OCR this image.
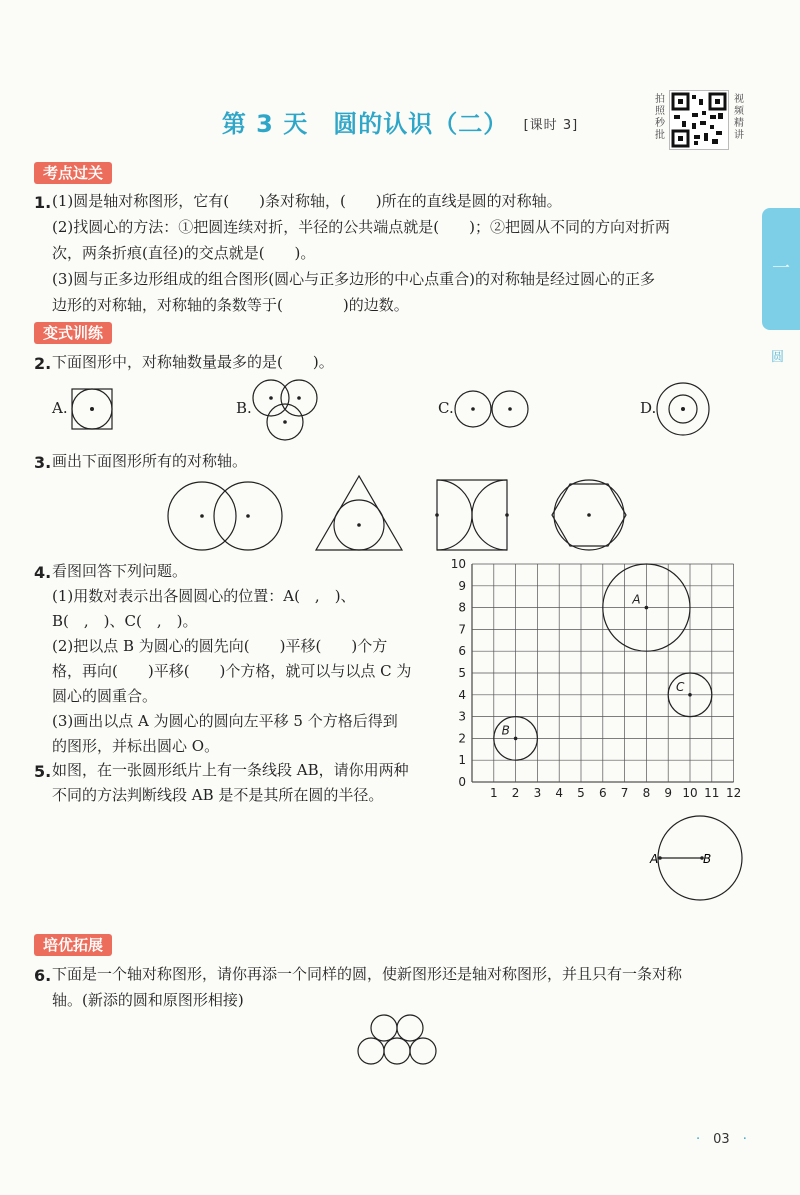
第 3 天　圆的认识（二） [课时 3]
拍照秒批
视频精讲
一
圆
考点过关
1. (1)圆是轴对称图形，它有(　　)条对称轴，(　　)所在的直线是圆的对称轴。
(2)找圆心的方法：①把圆连续对折，半径的公共端点就是(　　)；②把圆从不同的方向对折两
次，两条折痕(直径)的交点就是(　　)。
(3)圆与正多边形组成的组合图形(圆心与正多边形的中心点重合)的对称轴是经过圆心的正多
边形的对称轴，对称轴的条数等于(　　　　)的边数。
变式训练
2. 下面图形中，对称轴数量最多的是(　　)。
A.	B.	C.	D.
3. 画出下面图形所有的对称轴。
4. 看图回答下列问题。
(1)用数对表示出各圆圆心的位置：A(　,　)、
B(　,　)、C(　,　)。
(2)把以点 B 为圆心的圆先向(　　)平移(　　)个方
格，再向(　　)平移(　　)个方格，就可以与以点 C 为
圆心的圆重合。
(3)画出以点 A 为圆心的圆向左平移 5 个方格后得到
的图形，并标出圆心 O。
1 2 3 4 5 6 7 8 9 10 11 12
0
1
2
3
4
5
6
7
8
9
10
A
B
C
5. 如图，在一张圆形纸片上有一条线段 AB，请你用两种
不同的方法判断线段 AB 是不是其所在圆的半径。
A	B
培优拓展
6. 下面是一个轴对称图形，请你再添一个同样的圆，使新图形还是轴对称图形，并且只有一条对称
轴。(新添的圆和原图形相接)
·　03　·
